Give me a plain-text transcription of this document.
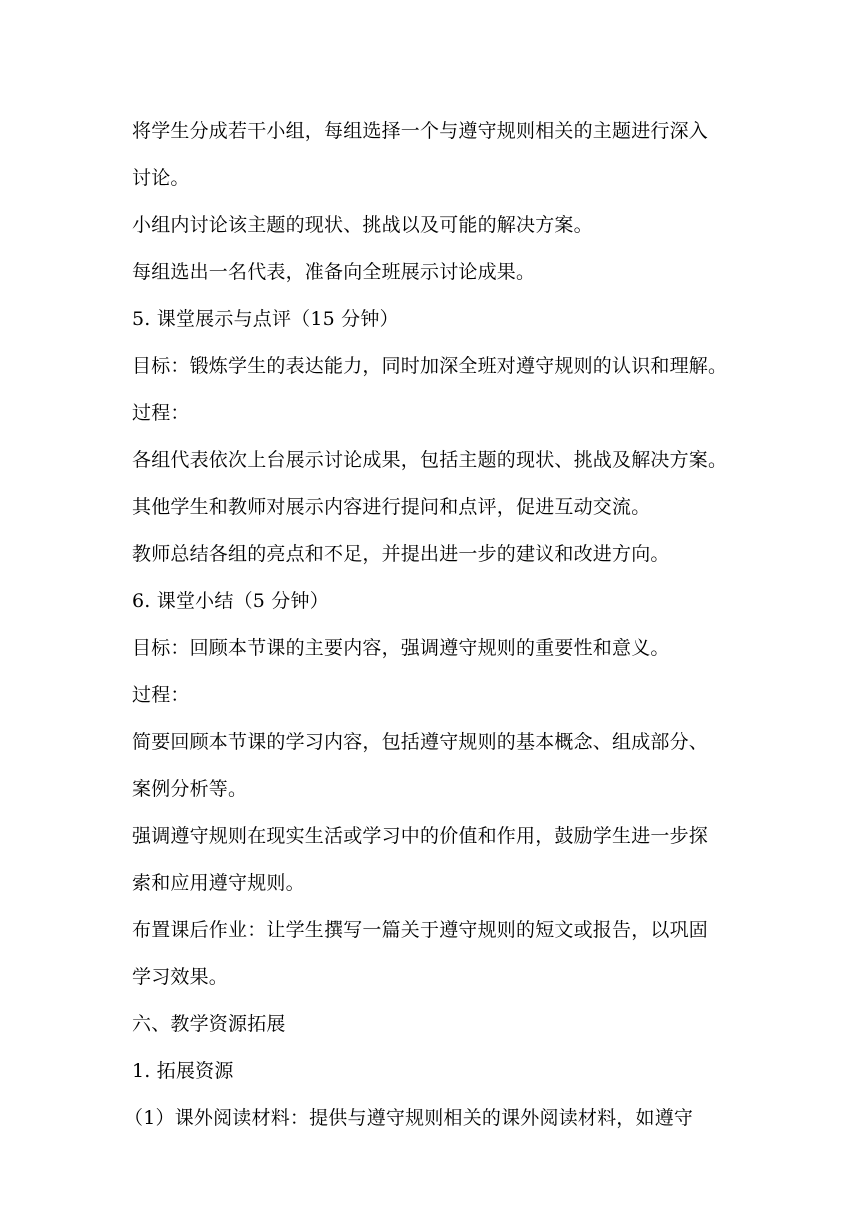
将学生分成若干小组，每组选择一个与遵守规则相关的主题进行深入
讨论。
小组内讨论该主题的现状、挑战以及可能的解决方案。
每组选出一名代表，准备向全班展示讨论成果。
5. 课堂展示与点评（15 分钟）
目标：锻炼学生的表达能力，同时加深全班对遵守规则的认识和理解。
过程：
各组代表依次上台展示讨论成果，包括主题的现状、挑战及解决方案。
其他学生和教师对展示内容进行提问和点评，促进互动交流。
教师总结各组的亮点和不足，并提出进一步的建议和改进方向。
6. 课堂小结（5 分钟）
目标：回顾本节课的主要内容，强调遵守规则的重要性和意义。
过程：
简要回顾本节课的学习内容，包括遵守规则的基本概念、组成部分、
案例分析等。
强调遵守规则在现实生活或学习中的价值和作用，鼓励学生进一步探
索和应用遵守规则。
布置课后作业：让学生撰写一篇关于遵守规则的短文或报告，以巩固
学习效果。
六、教学资源拓展
1. 拓展资源
（1）课外阅读材料：提供与遵守规则相关的课外阅读材料，如遵守
